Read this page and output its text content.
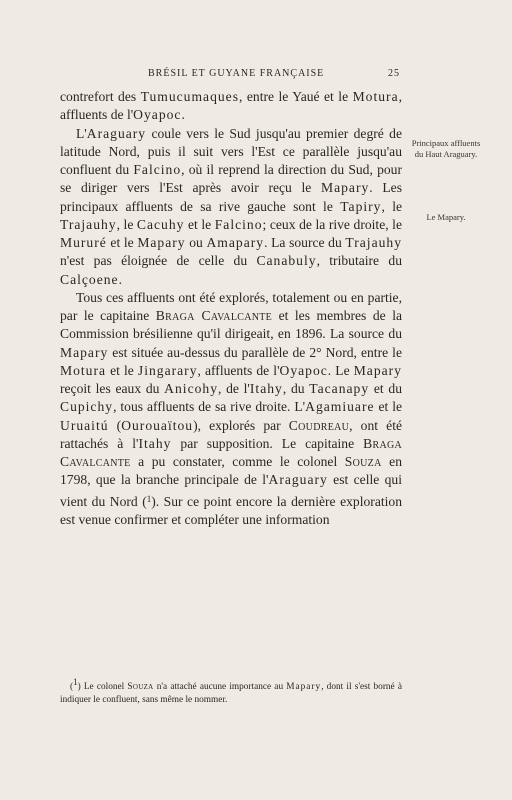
BRÉSIL ET GUYANE FRANÇAISE	25

contrefort des Tumucumaques, entre le Yaué et le Motura, affluents de l'Oyapoc.

L'Araguary coule vers le Sud jusqu'au premier degré de latitude Nord, puis il suit vers l'Est ce parallèle jusqu'au confluent du Falcino, où il reprend la direction du Sud, pour se diriger vers l'Est après avoir reçu le Mapary. Les principaux affluents de sa rive gauche sont le Tapiry, le Trajauhy, le Cacuhy et le Falcino; ceux de la rive droite, le Mururé et le Mapary ou Amapary. La source du Trajauhy n'est pas éloignée de celle du Canabuly, tributaire du Calçoene.

Tous ces affluents ont été explorés, totalement ou en partie, par le capitaine Braga Cavalcante et les membres de la Commission brésilienne qu'il dirigeait, en 1896. La source du Mapary est située au-dessus du parallèle de 2° Nord, entre le Motura et le Jingarary, affluents de l'Oyapoc. Le Mapary reçoit les eaux du Anicohy, de l'Itahy, du Tacanapy et du Cupichy, tous affluents de sa rive droite. L'Agamiuare et le Uruaitú (Ourouaïtou), explorés par Coudreau, ont été rattachés à l'Itahy par supposition. Le capitaine Braga Cavalcante a pu constater, comme le colonel Souza en 1798, que la branche principale de l'Araguary est celle qui vient du Nord ($^1$). Sur ce point encore la dernière exploration est venue confirmer et compléter une information

Principaux affluents du Haut Araguary.
Le Mapary.

(1) Le colonel Souza n'a attaché aucune importance au Mapary, dont il s'est borné à indiquer le confluent, sans même le nommer.
